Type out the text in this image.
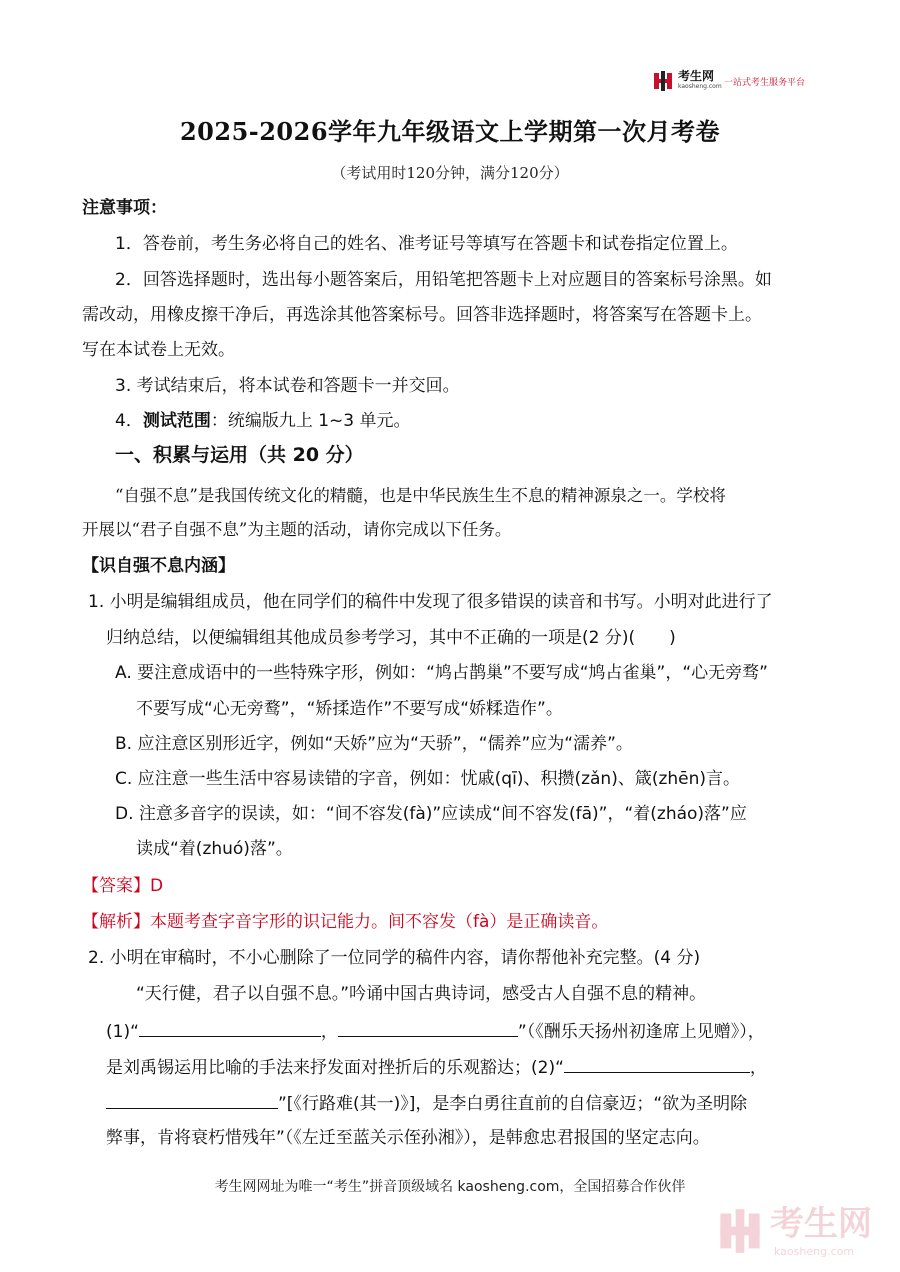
考生网
kaosheng.com 一站式考生服务平台
2025-2026学年九年级语文上学期第一次月考卷
（考试用时120分钟，满分120分）
注意事项：
1．答卷前，考生务必将自己的姓名、准考证号等填写在答题卡和试卷指定位置上。
2．回答选择题时，选出每小题答案后，用铅笔把答题卡上对应题目的答案标号涂黑。如
需改动，用橡皮擦干净后，再选涂其他答案标号。回答非选择题时，将答案写在答题卡上。
写在本试卷上无效。
3. 考试结束后，将本试卷和答题卡一并交回。
4．测试范围：统编版九上 1~3 单元。
一、积累与运用（共 20 分）
“自强不息”是我国传统文化的精髓，也是中华民族生生不息的精神源泉之一。学校将
开展以“君子自强不息”为主题的活动，请你完成以下任务。
【识自强不息内涵】
1. 小明是编辑组成员，他在同学们的稿件中发现了很多错误的读音和书写。小明对此进行了
归纳总结，以便编辑组其他成员参考学习，其中不正确的一项是(2 分)(　　)
A. 要注意成语中的一些特殊字形，例如：“鸠占鹊巢”不要写成“鸠占雀巢”，“心无旁骛”
不要写成“心无旁鹜”，“矫揉造作”不要写成“娇糅造作”。
B. 应注意区别形近字，例如“天娇”应为“天骄”，“儒养”应为“濡养”。
C. 应注意一些生活中容易读错的字音，例如：忧戚(qī)、积攒(zǎn)、箴(zhēn)言。
D. 注意多音字的误读，如：“间不容发(fà)”应读成“间不容发(fā)”，“着(zháo)落”应
读成“着(zhuó)落”。
【答案】D
【解析】本题考查字音字形的识记能力。间不容发（fà）是正确读音。
2. 小明在审稿时，不小心删除了一位同学的稿件内容，请你帮他补充完整。(4 分)
“天行健，君子以自强不息。”吟诵中国古典诗词，感受古人自强不息的精神。
(1)“	，	”（《酬乐天扬州初逢席上见赠》），
是刘禹锡运用比喻的手法来抒发面对挫折后的乐观豁达；(2)“	，
”[《行路难(其一)》]，是李白勇往直前的自信豪迈；“欲为圣明除
弊事，肯将衰朽惜残年”（《左迁至蓝关示侄孙湘》），是韩愈忠君报国的坚定志向。
考生网网址为唯一“考生”拼音顶级域名 kaosheng.com，全国招募合作伙伴
考生网
kaosheng.com
